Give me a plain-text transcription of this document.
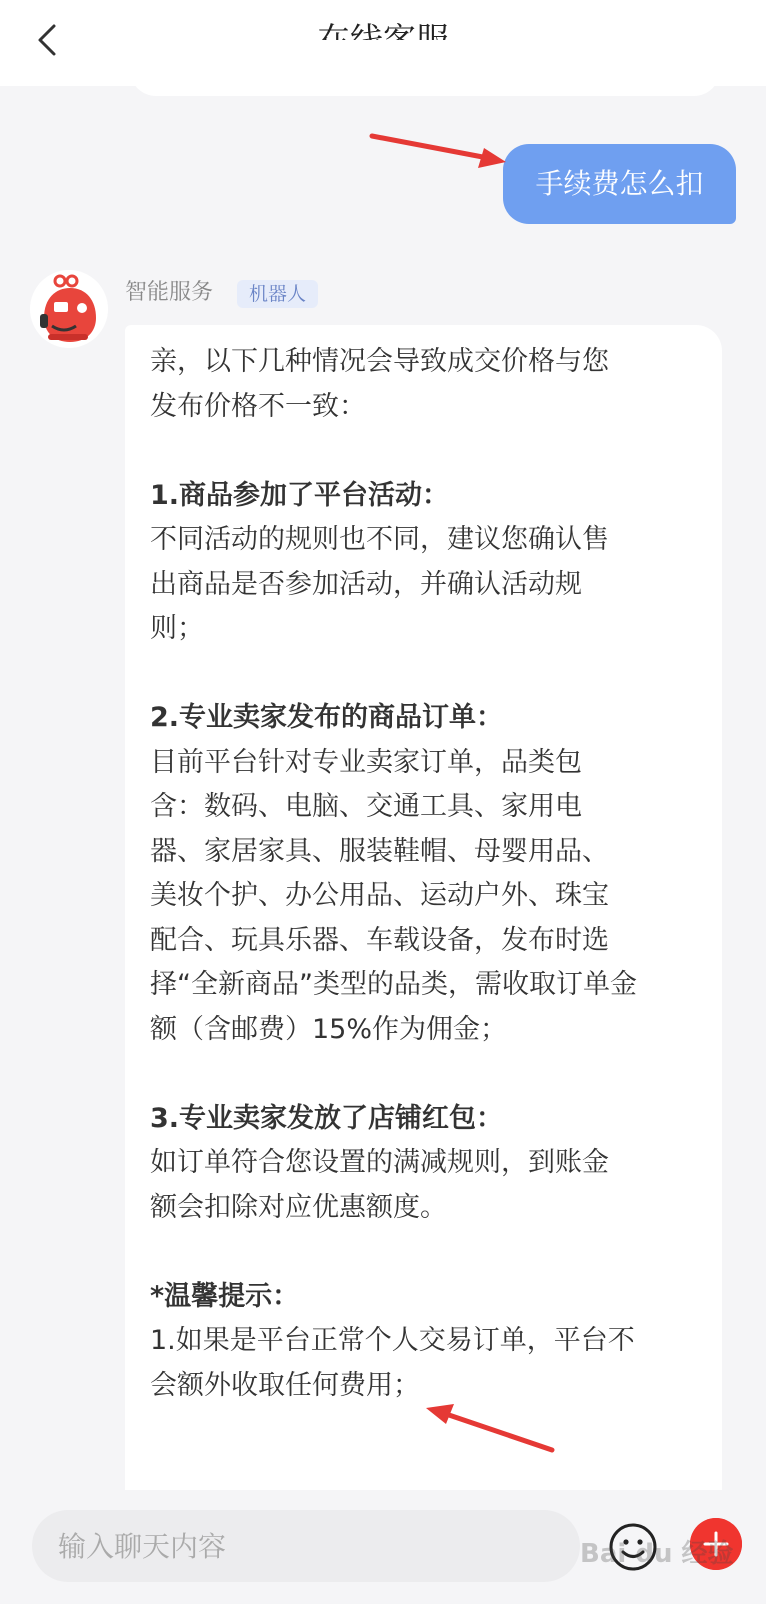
手续费怎么扣
智能服务	机器人

亲，以下几种情况会导致成交价格与您

发布价格不一致：

1.商品参加了平台活动：

不同活动的规则也不同，建议您确认售

出商品是否参加活动，并确认活动规

则；

2.专业卖家发布的商品订单：

目前平台针对专业卖家订单，品类包

含：数码、电脑、交通工具、家用电

器、家居家具、服装鞋帽、母婴用品、

美妆个护、办公用品、运动户外、珠宝

配合、玩具乐器、车载设备，发布时选

择“全新商品”类型的品类，需收取订单金

额（含邮费）15%作为佣金；

3.专业卖家发放了店铺红包：

如订单符合您设置的满减规则，到账金

额会扣除对应优惠额度。

*温馨提示：

1.如果是平台正常个人交易订单，平台不

会额外收取任何费用；

输入聊天内容
Bai du 经验
